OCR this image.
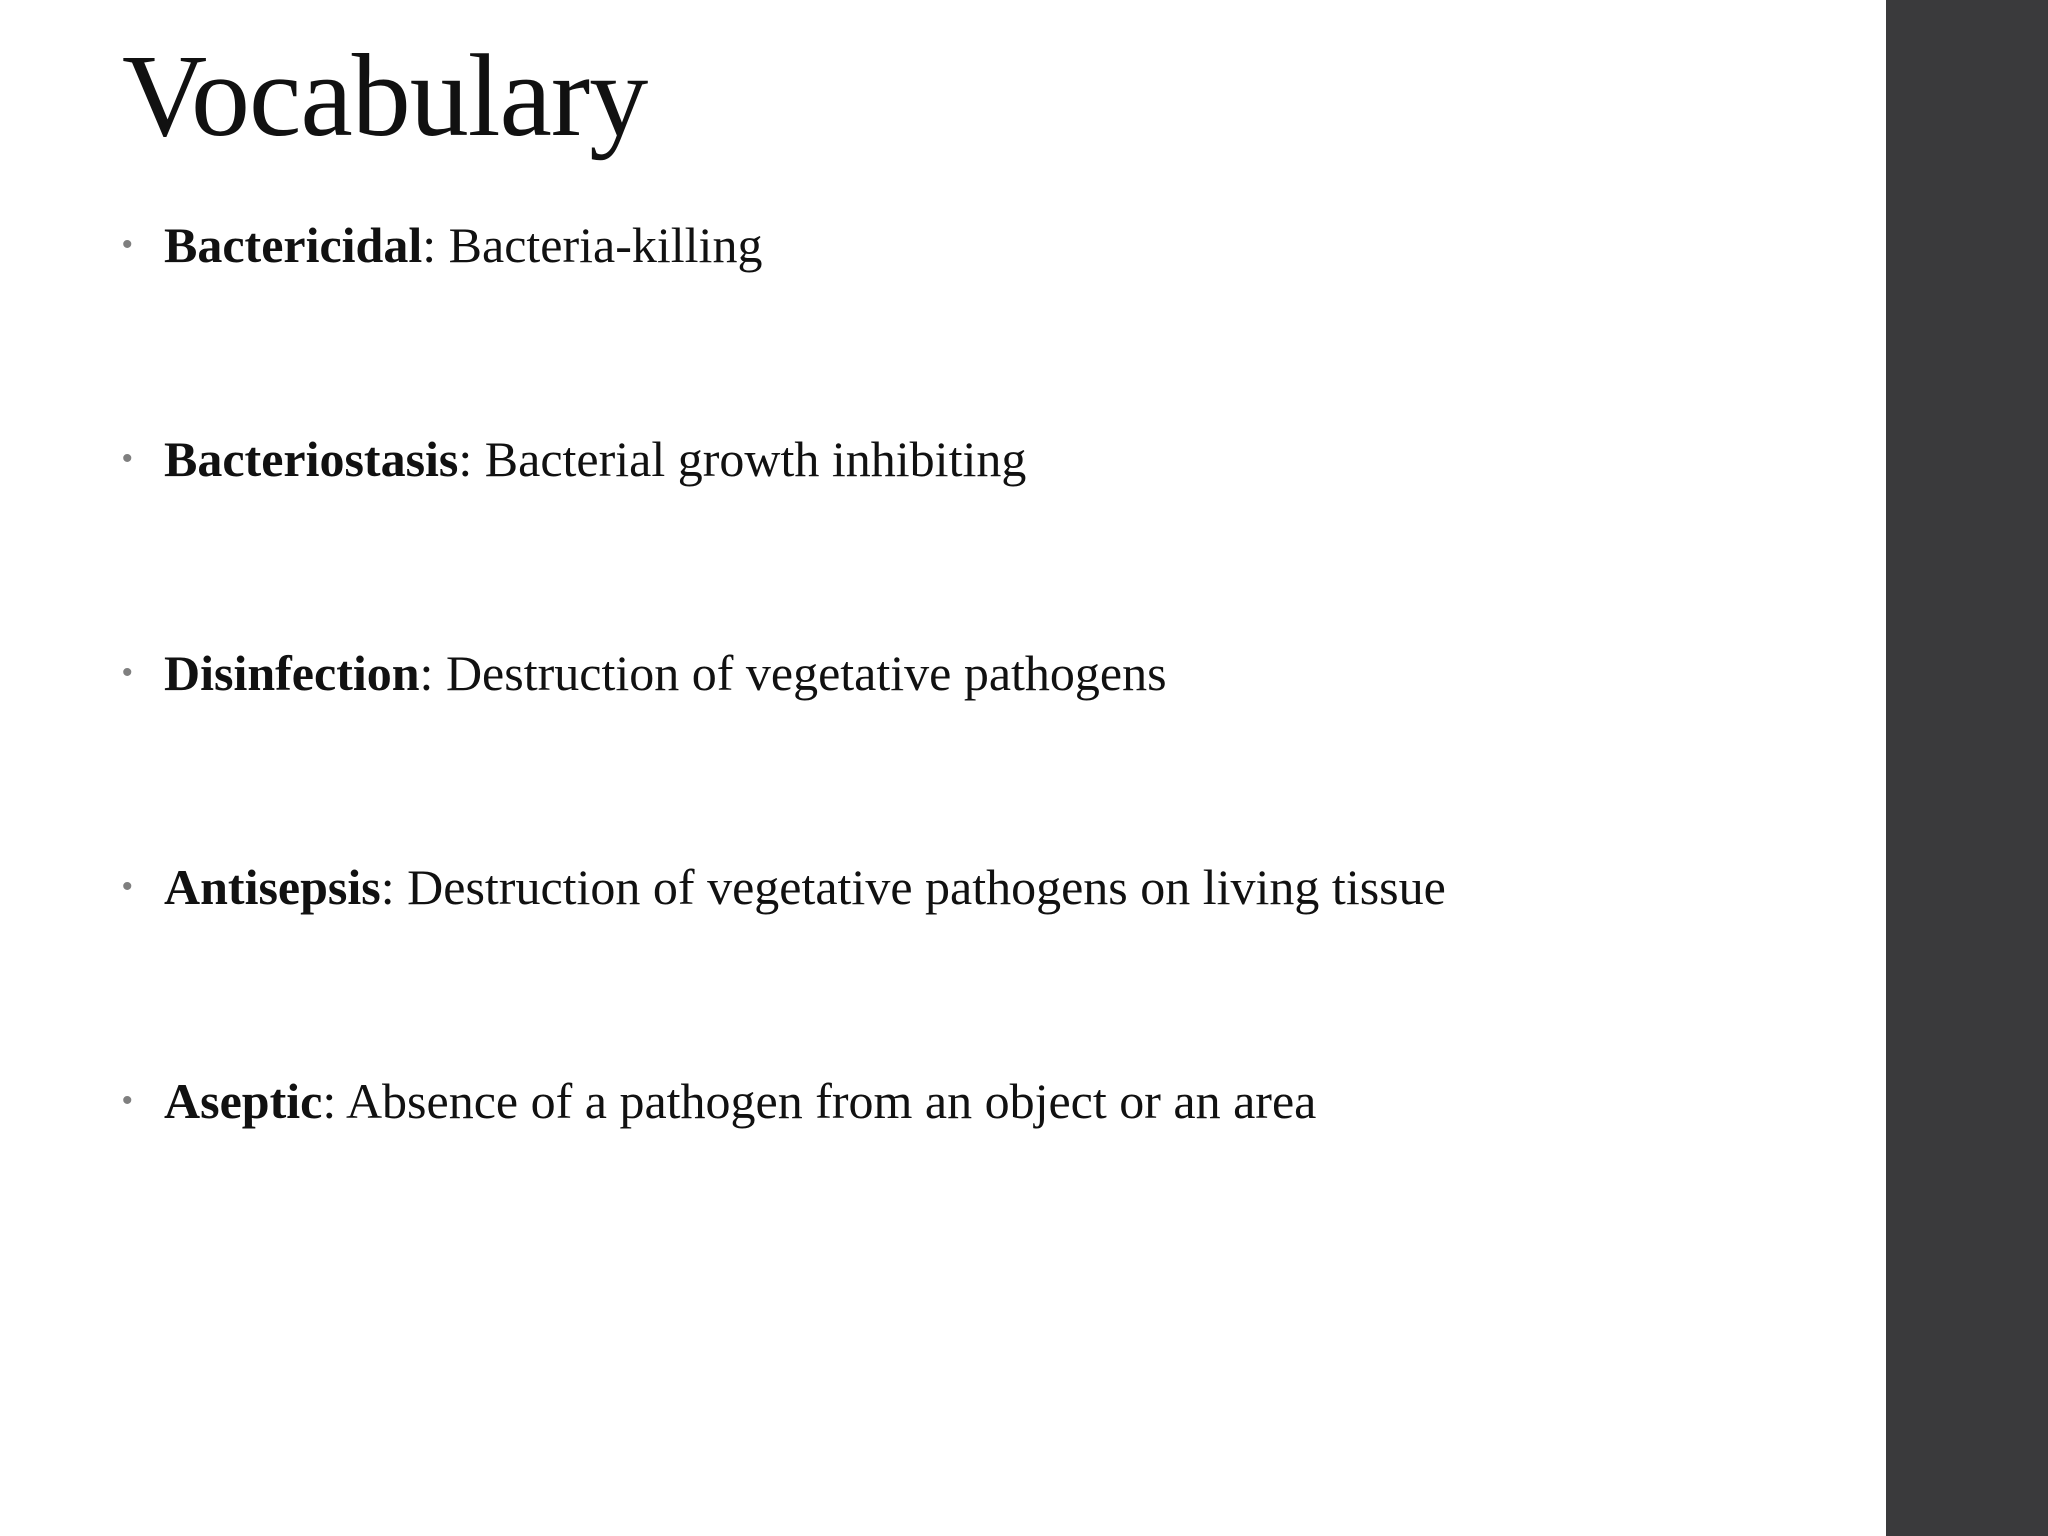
Vocabulary
• Bactericidal: Bacteria-killing
• Bacteriostasis: Bacterial growth inhibiting
• Disinfection: Destruction of vegetative pathogens
• Antisepsis: Destruction of vegetative pathogens on living tissue
• Aseptic: Absence of a pathogen from an object or an area
